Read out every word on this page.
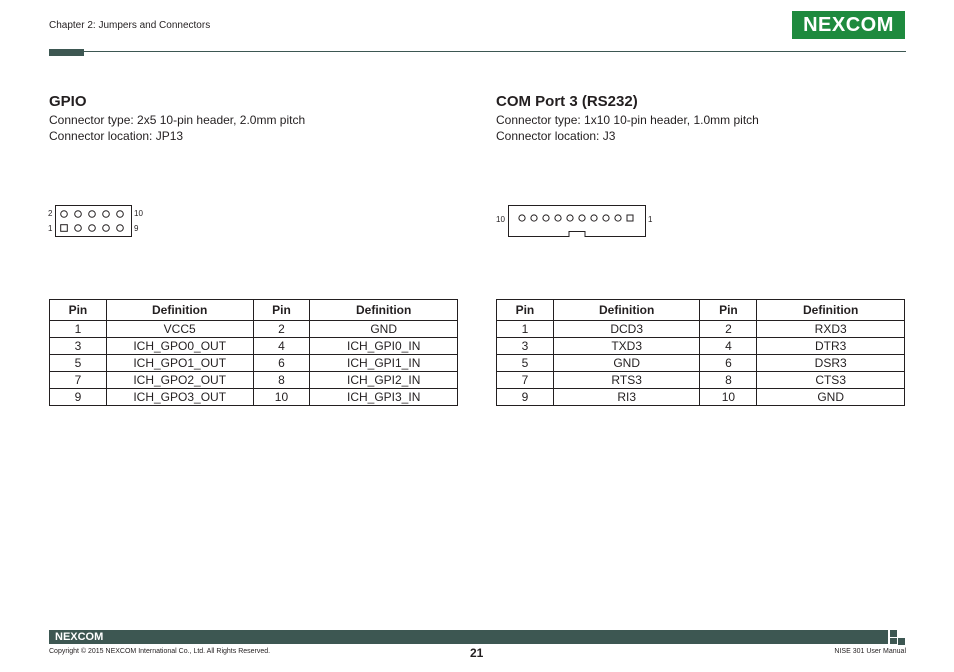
Chapter 2: Jumpers and Connectors	NEXCOM
GPIO
Connector type: 2x5 10-pin header, 2.0mm pitch
Connector location: JP13
2	10
1	9
COM Port 3 (RS232)
Connector type: 1x10 10-pin header, 1.0mm pitch
Connector location: J3
10	1
Pin	Definition	Pin	Definition
1	VCC5	2	GND
3	ICH_GPO0_OUT	4	ICH_GPI0_IN
5	ICH_GPO1_OUT	6	ICH_GPI1_IN
7	ICH_GPO2_OUT	8	ICH_GPI2_IN
9	ICH_GPO3_OUT	10	ICH_GPI3_IN
Pin	Definition	Pin	Definition
1	DCD3	2	RXD3
3	TXD3	4	DTR3
5	GND	6	DSR3
7	RTS3	8	CTS3
9	RI3	10	GND
NEXCOM
Copyright © 2015 NEXCOM International Co., Ltd. All Rights Reserved.	21	NISE 301 User Manual
